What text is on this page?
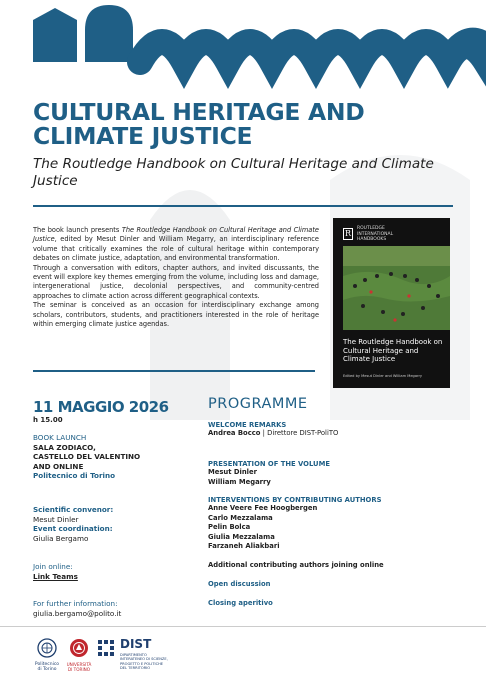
CULTURAL HERITAGE AND CLIMATE JUSTICE
The Routledge Handbook on Cultural Heritage and Climate Justice

The book launch presents The Routledge Handbook on Cultural Heritage and Climate Justice, edited by Mesut Dinler and William Megarry, an interdisciplinary reference volume that critically examines the role of cultural heritage within contemporary debates on climate justice, adaptation, and environmental transformation.

Through a conversation with editors, chapter authors, and invited discussants, the event will explore key themes emerging from the volume, including loss and damage, intergenerational justice, decolonial perspectives, and community-centred approaches to climate action across different geographical contexts.

The seminar is conceived as an occasion for interdisciplinary exchange among scholars, contributors, students, and practitioners interested in the role of heritage within emerging climate justice agendas.

R
ROUTLEDGE
INTERNATIONAL
HANDBOOKS
The Routledge Handbook on Cultural Heritage and Climate Justice
Edited by Mesut Dinler and William Megarry
11 MAGGIO 2026
h 15.00
BOOK LAUNCH
SALA ZODIACO,
CASTELLO DEL VALENTINO
AND ONLINE
Politecnico di Torino
Scientific convenor:
Mesut Dinler
Event coordination:
Giulia Bergamo
Join online:
Link Teams
For further information:
giulia.bergamo@polito.it
PROGRAMME
WELCOME REMARKS
Andrea Bocco | Direttore DIST-PoliTO
PRESENTATION OF THE VOLUME
Mesut Dinler
William Megarry
INTERVENTIONS BY CONTRIBUTING AUTHORS
Anne Veere Fee Hoogbergen
Carlo Mezzalama
Pelin Bolca
Giulia Mezzalama
Farzaneh Aliakbari
Additional contributing authors joining online
Open discussion
Closing aperitivo
Politecnico
di Torino
UNIVERSITÀ
DI TORINO
DIST
DIPARTIMENTO
INTERATENEO DI SCIENZE,
PROGETTO E POLITICHE
DEL TERRITORIO
